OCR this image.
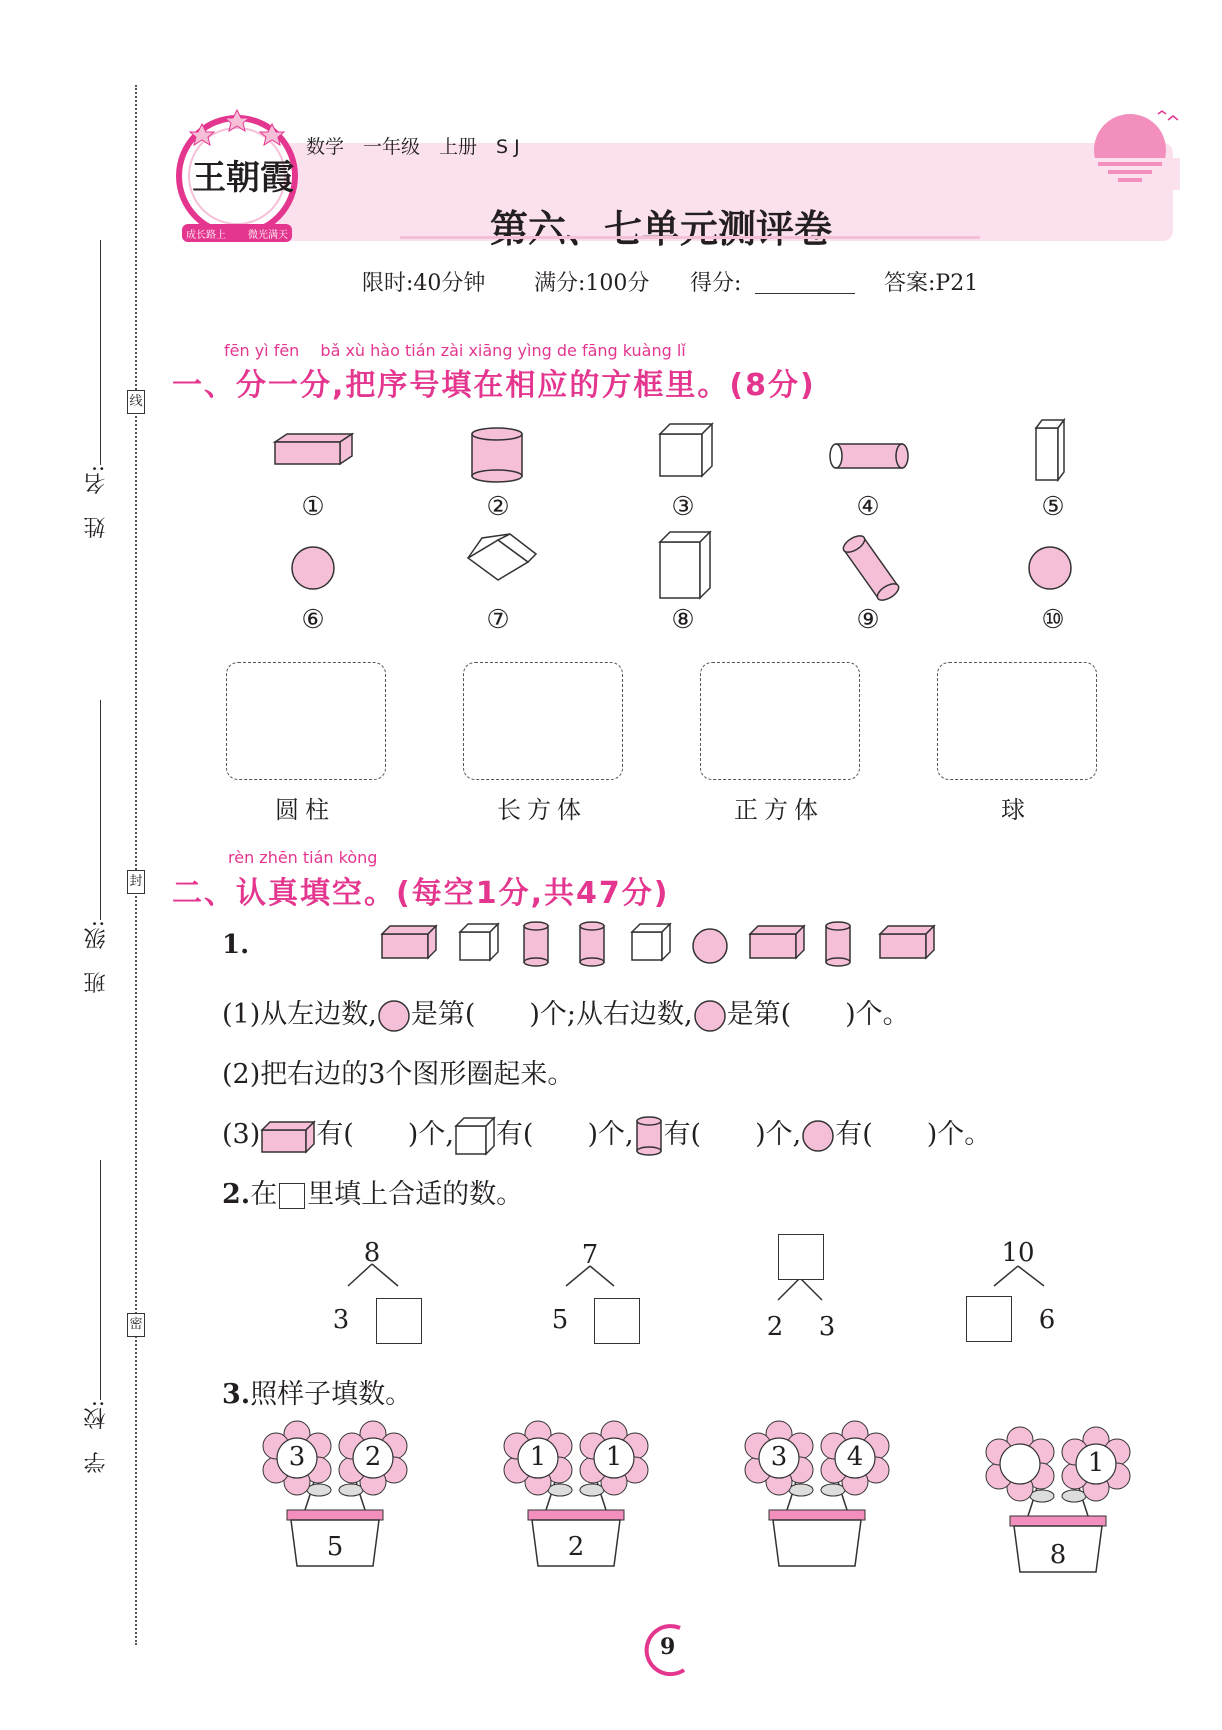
线
封
密
姓　名:
班　级:
学　校:
王朝霞
成长路上 微光满天
数学　一年级　上册　S J
第六、七单元测评卷
限时:40分钟 满分:100分 得分:	答案:P21
fēn yì fēn　 bǎ xù hào tián zài xiāng yìng de fāng kuàng lǐ
一、分一分,把序号填在相应的方框里。(8分)
①	②	③	④	⑤
⑥	⑦	⑧	⑨	⑩
圆柱	长方体	正方体	球
rèn zhēn tián kòng
二、认真填空。(每空1分,共47分)
1.
(1)从左边数, 是第(　　)个;从右边数, 是第(　　)个。
(2)把右边的3个图形圈起来。
(3) 有(　　)个, 有(　　)个, 有(　　)个, 有(　　)个。
2.在 里填上合适的数。
8
3
7
5	2 3
10
6
3.照样子填数。
3 2
5
1 1
2
3 4	1
8
9
